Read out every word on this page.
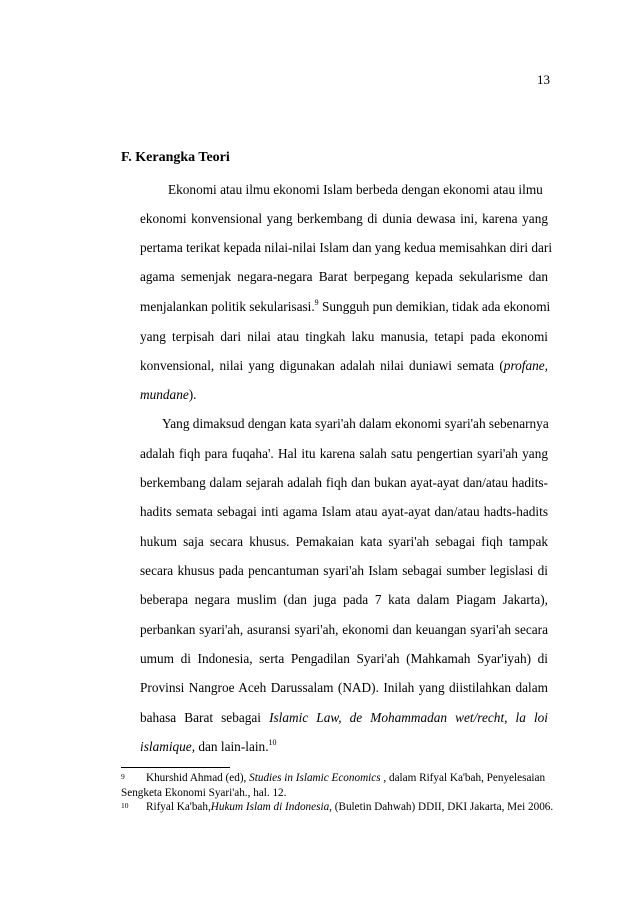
13
F. Kerangka Teori
Ekonomi atau ilmu ekonomi Islam berbeda dengan ekonomi atau ilmu
ekonomi konvensional yang berkembang di dunia dewasa ini, karena yang
pertama terikat kepada nilai-nilai Islam dan yang kedua memisahkan diri dari
agama semenjak negara-negara Barat berpegang kepada sekularisme dan
menjalankan politik sekularisasi.$^9$ Sungguh pun demikian, tidak ada ekonomi
yang terpisah dari nilai atau tingkah laku manusia, tetapi pada ekonomi
konvensional, nilai yang digunakan adalah nilai duniawi semata (profane,
mundane).
Yang dimaksud dengan kata syari'ah dalam ekonomi syari'ah sebenarnya
adalah fiqh para fuqaha'. Hal itu karena salah satu pengertian syari'ah yang
berkembang dalam sejarah adalah fiqh dan bukan ayat-ayat dan/atau hadits-
hadits semata sebagai inti agama Islam atau ayat-ayat dan/atau hadts-hadits
hukum saja secara khusus. Pemakaian kata syari'ah sebagai fiqh tampak
secara khusus pada pencantuman syari'ah Islam sebagai sumber legislasi di
beberapa negara muslim (dan juga pada 7 kata dalam Piagam Jakarta),
perbankan syari'ah, asuransi syari'ah, ekonomi dan keuangan syari'ah secara
umum di Indonesia, serta Pengadilan Syari'ah (Mahkamah Syar'iyah) di
Provinsi Nangroe Aceh Darussalam (NAD). Inilah yang diistilahkan dalam
bahasa Barat sebagai Islamic Law, de Mohammadan wet/recht, la loi
islamique, dan lain-lain.$^{10}$
9 Khurshid Ahmad (ed), Studies in Islamic Economics , dalam Rifyal Ka'bah, Penyelesaian
Sengketa Ekonomi Syari'ah., hal. 12.
10 Rifyal Ka'bah,Hukum Islam di Indonesia, (Buletin Dahwah) DDII, DKI Jakarta, Mei 2006.
